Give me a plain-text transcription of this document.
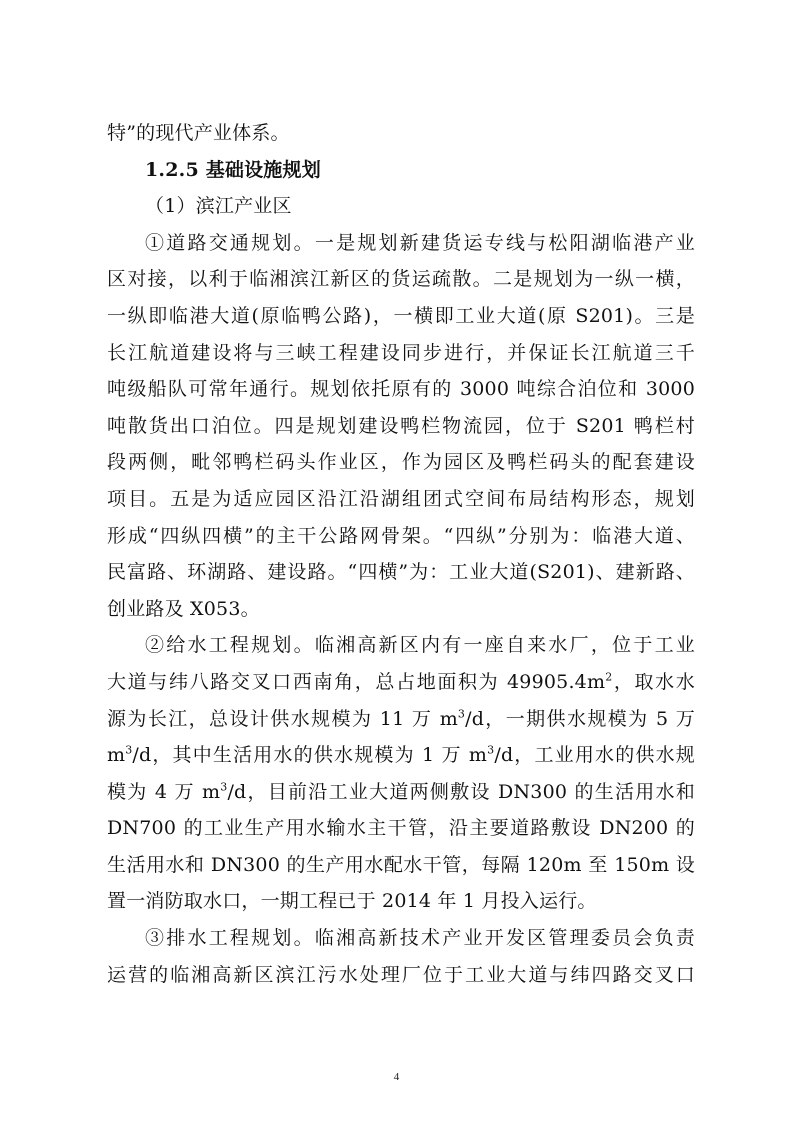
特”的现代产业体系。
1.2.5 基础设施规划
（1）滨江产业区
①道路交通规划。一是规划新建货运专线与松阳湖临港产业
区对接，以利于临湘滨江新区的货运疏散。二是规划为一纵一横，
一纵即临港大道(原临鸭公路)，一横即工业大道(原 S201)。三是
长江航道建设将与三峡工程建设同步进行，并保证长江航道三千
吨级船队可常年通行。规划依托原有的 3000 吨综合泊位和 3000
吨散货出口泊位。四是规划建设鸭栏物流园，位于 S201 鸭栏村
段两侧，毗邻鸭栏码头作业区，作为园区及鸭栏码头的配套建设
项目。五是为适应园区沿江沿湖组团式空间布局结构形态，规划
形成“四纵四横”的主干公路网骨架。“四纵”分别为：临港大道、
民富路、环湖路、建设路。“四横”为：工业大道(S201)、建新路、
创业路及 X053。
②给水工程规划。临湘高新区内有一座自来水厂，位于工业
大道与纬八路交叉口西南角，总占地面积为 $49905.4m^2$，取水水
源为长江，总设计供水规模为 11 万 $m^3/d$，一期供水规模为 5 万
$m^3/d$，其中生活用水的供水规模为 1 万 $m^3/d$，工业用水的供水规
模为 4 万 $m^3/d$，目前沿工业大道两侧敷设 DN300 的生活用水和
DN700 的工业生产用水输水主干管，沿主要道路敷设 DN200 的
生活用水和 DN300 的生产用水配水干管，每隔 120m 至 150m 设
置一消防取水口，一期工程已于 2014 年 1 月投入运行。
③排水工程规划。临湘高新技术产业开发区管理委员会负责
运营的临湘高新区滨江污水处理厂位于工业大道与纬四路交叉口
4
